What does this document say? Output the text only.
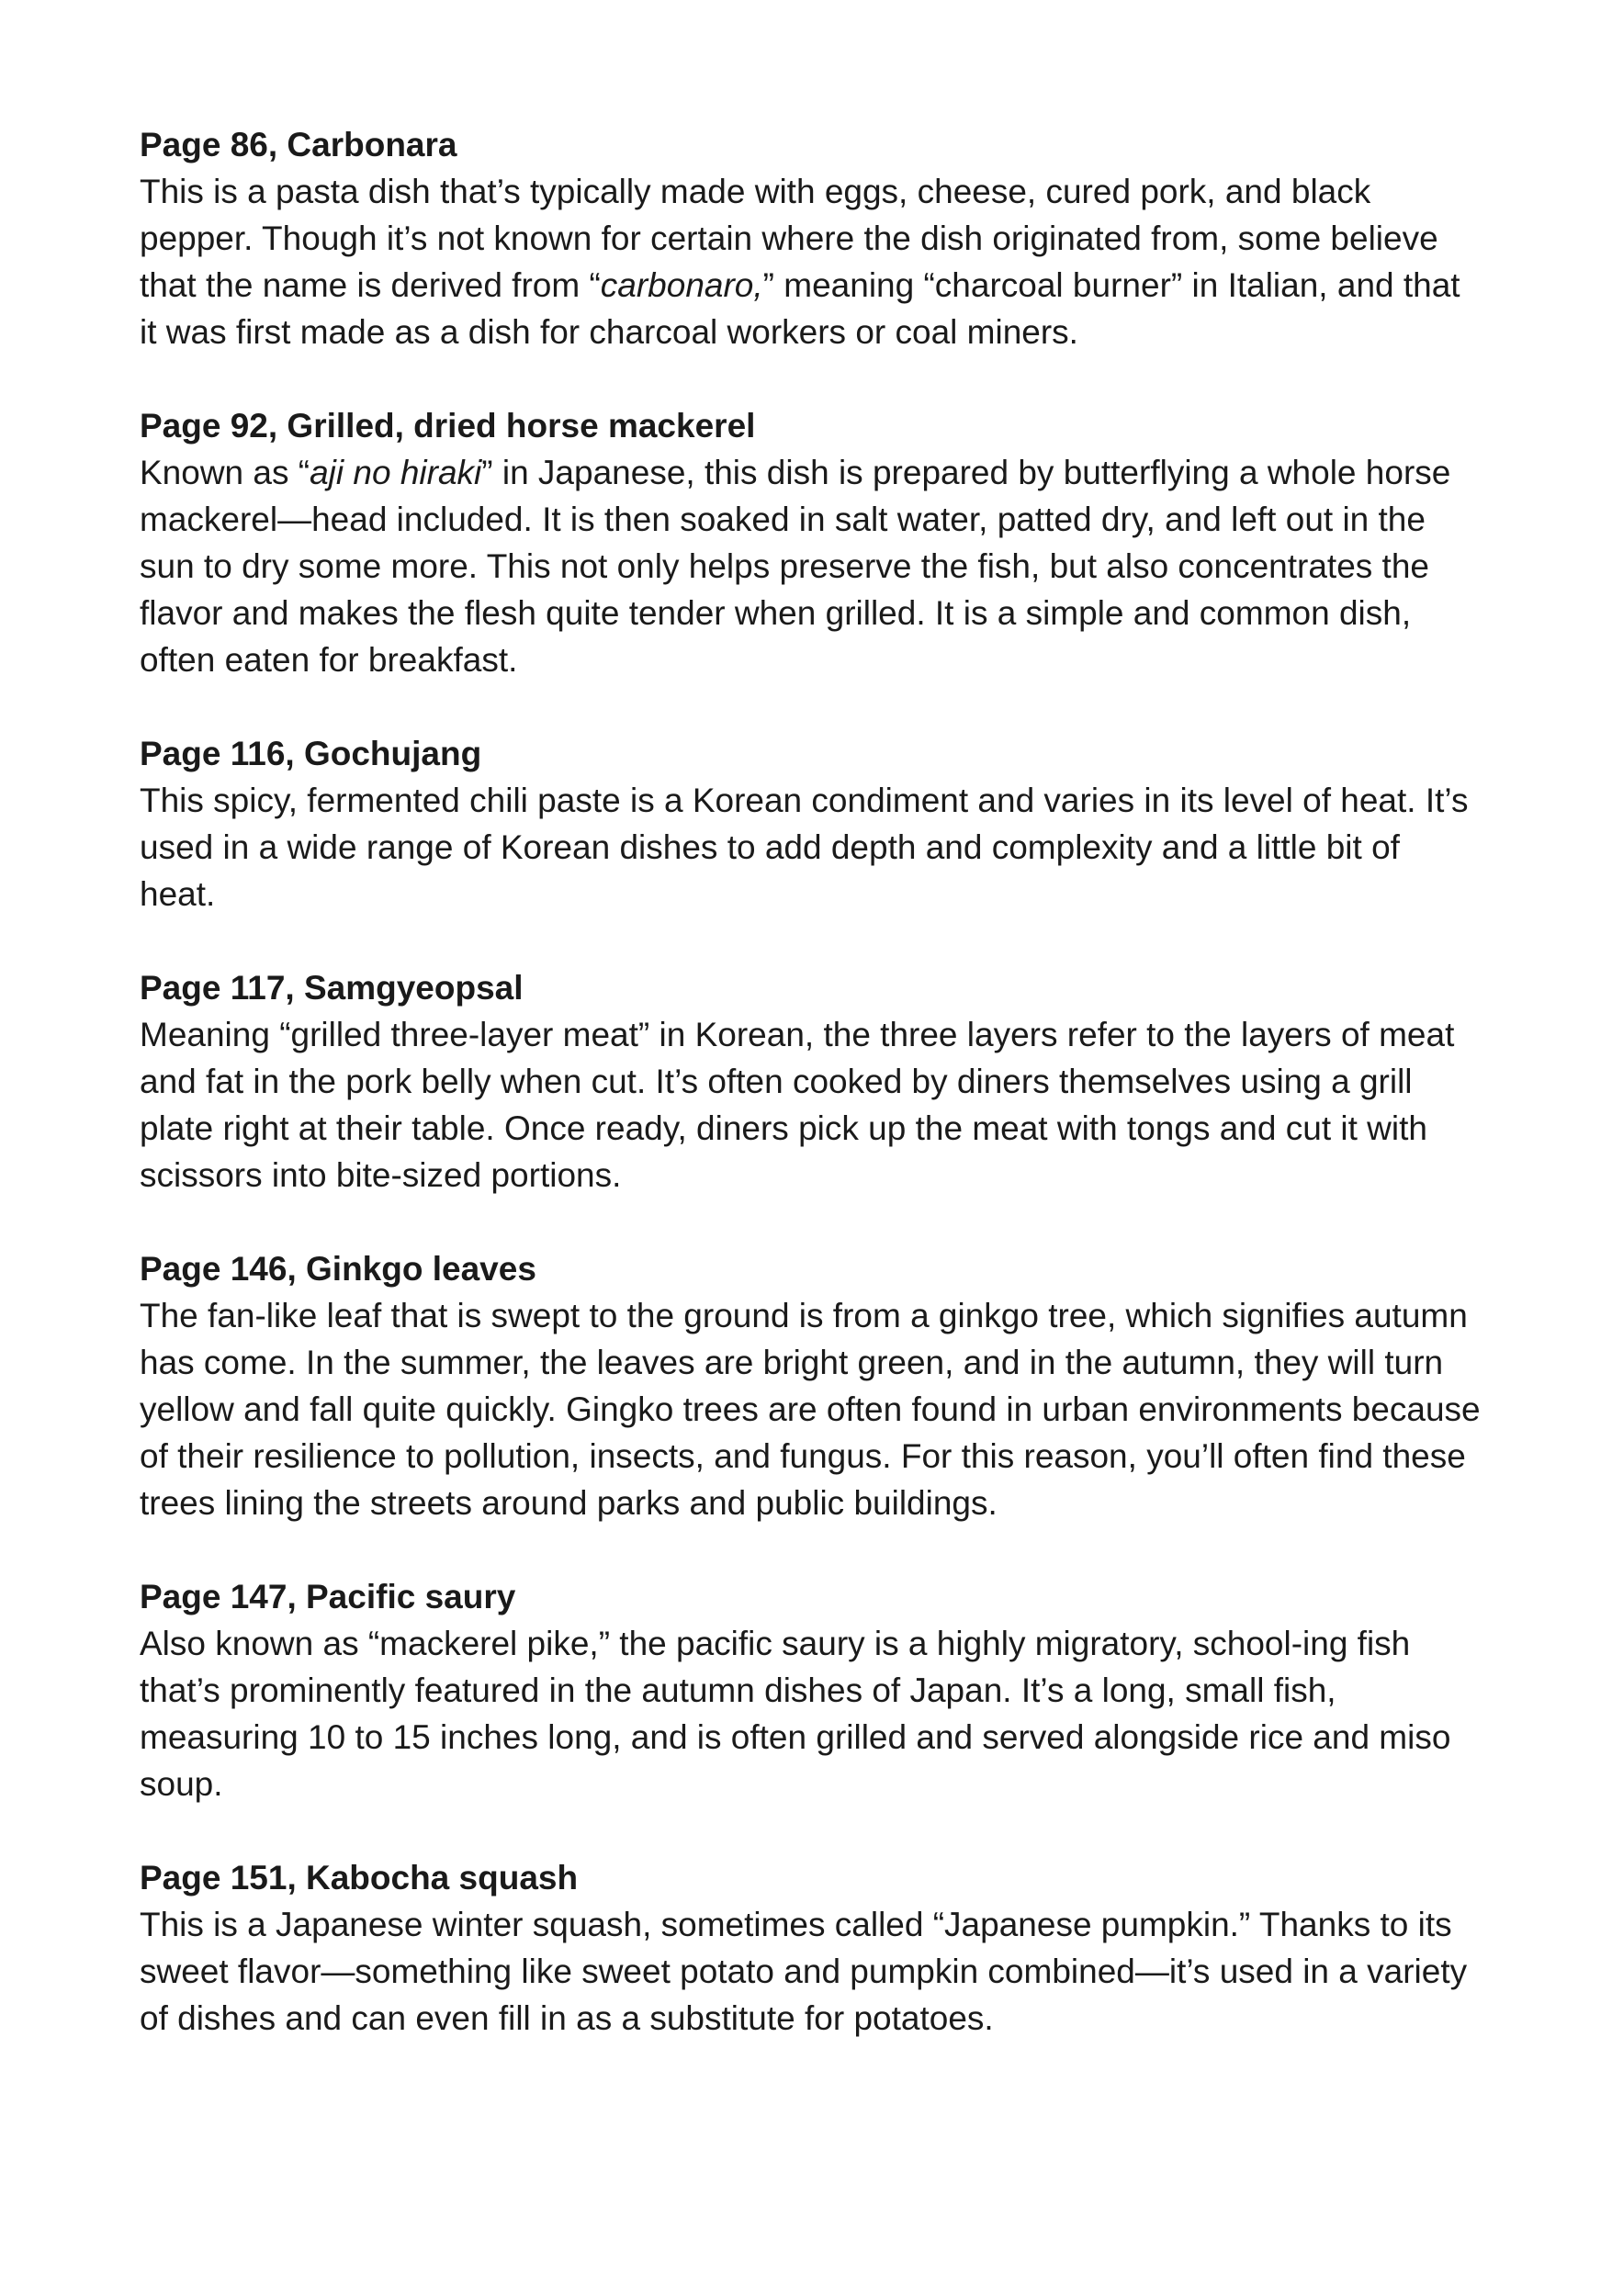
Page 86, Carbonara

This is a pasta dish that’s typically made with eggs, cheese, cured pork, and black pepper. Though it’s not known for certain where the dish originated from, some believe that the name is derived from “carbonaro,” meaning “charcoal burner” in Italian, and that it was first made as a dish for charcoal workers or coal miners.

Page 92, Grilled, dried horse mackerel

Known as “aji no hiraki” in Japanese, this dish is prepared by butterflying a whole horse mackerel—head included. It is then soaked in salt water, patted dry, and left out in the sun to dry some more. This not only helps preserve the fish, but also concentrates the flavor and makes the flesh quite tender when grilled. It is a simple and common dish, often eaten for breakfast.

Page 116, Gochujang

This spicy, fermented chili paste is a Korean condiment and varies in its level of heat. It’s used in a wide range of Korean dishes to add depth and complexity and a little bit of heat.

Page 117, Samgyeopsal

Meaning “grilled three-layer meat” in Korean, the three layers refer to the layers of meat and fat in the pork belly when cut. It’s often cooked by diners themselves using a grill plate right at their table. Once ready, diners pick up the meat with tongs and cut it with scissors into bite-sized portions.

Page 146, Ginkgo leaves

The fan-like leaf that is swept to the ground is from a ginkgo tree, which signifies autumn has come. In the summer, the leaves are bright green, and in the autumn, they will turn yellow and fall quite quickly. Gingko trees are often found in urban environments because of their resilience to pollution, insects, and fungus. For this reason, you’ll often find these trees lining the streets around parks and public buildings.

Page 147, Pacific saury

Also known as “mackerel pike,” the pacific saury is a highly migratory, school-ing fish that’s prominently featured in the autumn dishes of Japan. It’s a long, small fish, measuring 10 to 15 inches long, and is often grilled and served alongside rice and miso soup.

Page 151, Kabocha squash

This is a Japanese winter squash, sometimes called “Japanese pumpkin.” Thanks to its sweet flavor—something like sweet potato and pumpkin combined—it’s used in a variety of dishes and can even fill in as a substitute for potatoes.
